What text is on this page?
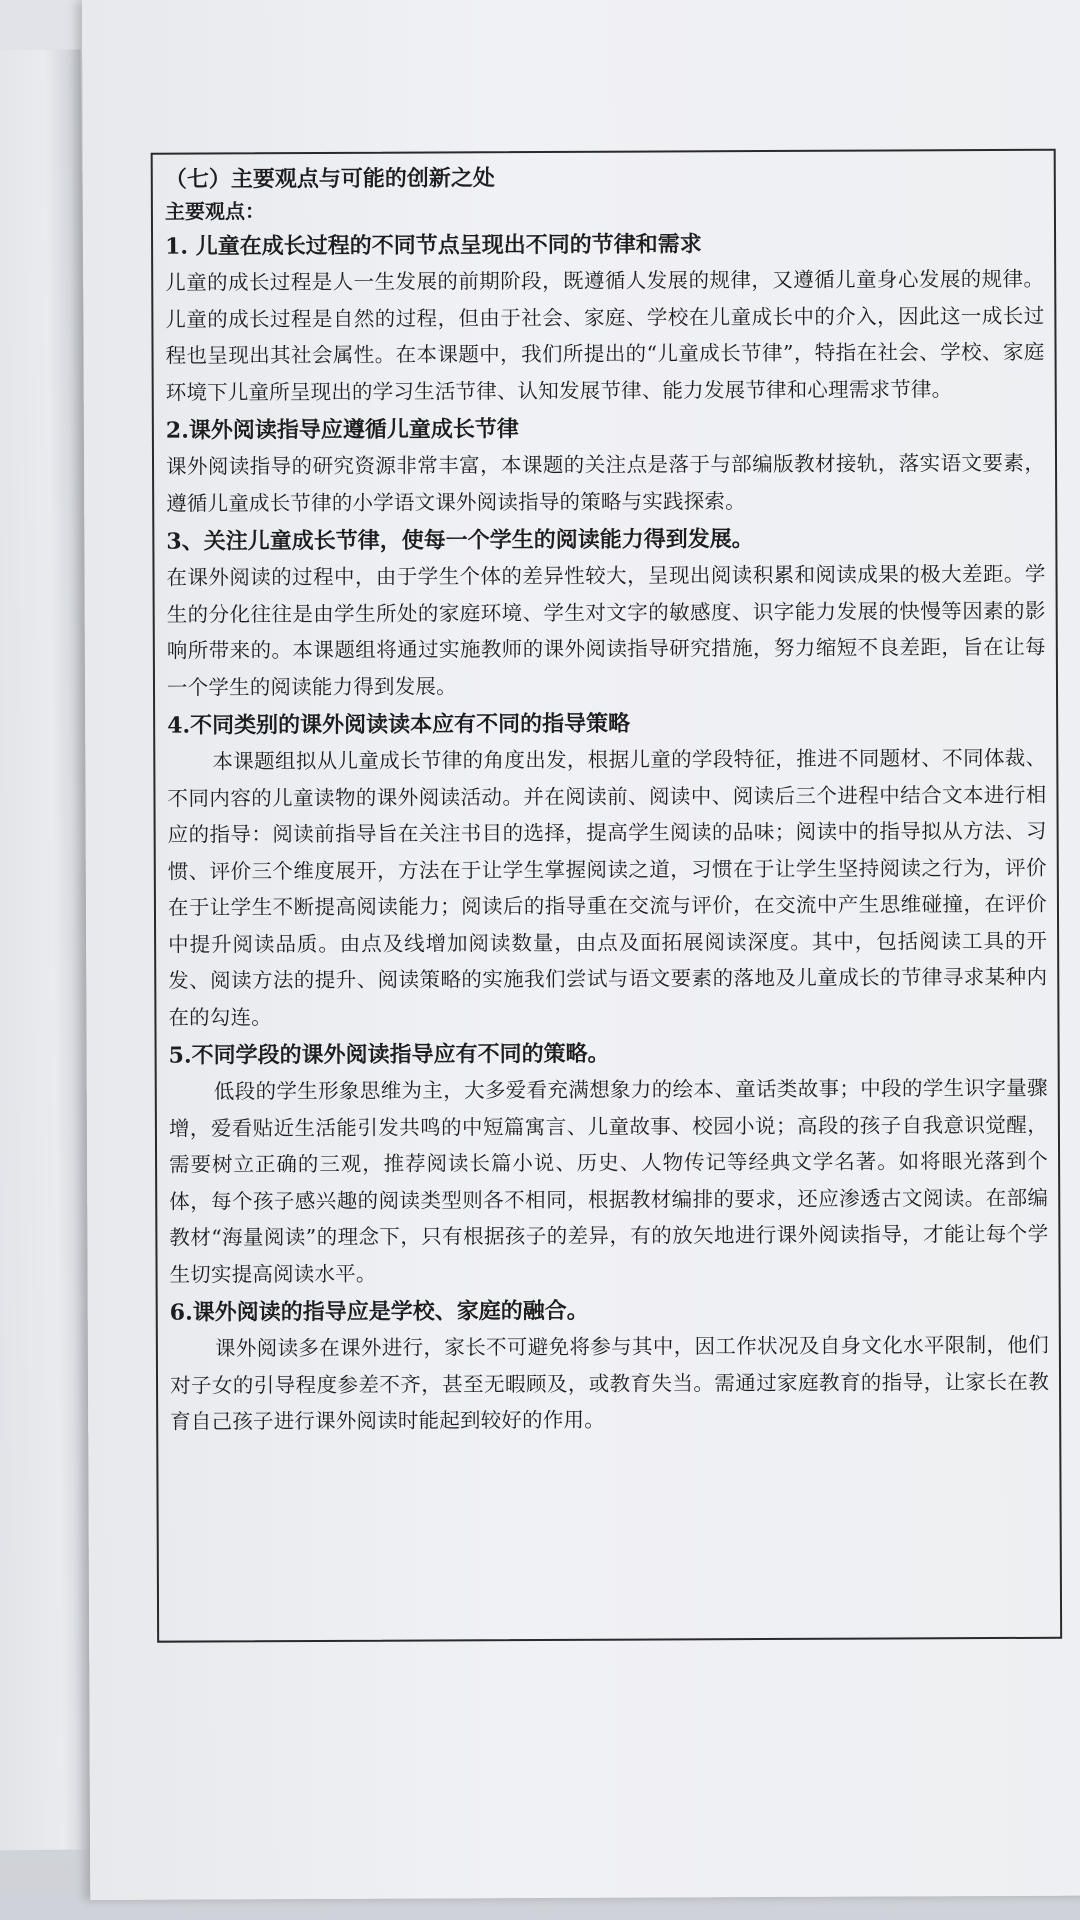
（七）主要观点与可能的创新之处

主要观点：

1. 儿童在成长过程的不同节点呈现出不同的节律和需求

儿童的成长过程是人一生发展的前期阶段，既遵循人发展的规律，又遵循儿童身心发展的规律。儿童的成长过程是自然的过程，但由于社会、家庭、学校在儿童成长中的介入，因此这一成长过程也呈现出其社会属性。在本课题中，我们所提出的“儿童成长节律”，特指在社会、学校、家庭环境下儿童所呈现出的学习生活节律、认知发展节律、能力发展节律和心理需求节律。

2.课外阅读指导应遵循儿童成长节律

课外阅读指导的研究资源非常丰富，本课题的关注点是落于与部编版教材接轨，落实语文要素，遵循儿童成长节律的小学语文课外阅读指导的策略与实践探索。

3、关注儿童成长节律，使每一个学生的阅读能力得到发展。

在课外阅读的过程中，由于学生个体的差异性较大，呈现出阅读积累和阅读成果的极大差距。学生的分化往往是由学生所处的家庭环境、学生对文字的敏感度、识字能力发展的快慢等因素的影响所带来的。本课题组将通过实施教师的课外阅读指导研究措施，努力缩短不良差距，旨在让每一个学生的阅读能力得到发展。

4.不同类别的课外阅读读本应有不同的指导策略

本课题组拟从儿童成长节律的角度出发，根据儿童的学段特征，推进不同题材、不同体裁、不同内容的儿童读物的课外阅读活动。并在阅读前、阅读中、阅读后三个进程中结合文本进行相应的指导：阅读前指导旨在关注书目的选择，提高学生阅读的品味；阅读中的指导拟从方法、习惯、评价三个维度展开，方法在于让学生掌握阅读之道，习惯在于让学生坚持阅读之行为，评价在于让学生不断提高阅读能力；阅读后的指导重在交流与评价，在交流中产生思维碰撞，在评价中提升阅读品质。由点及线增加阅读数量，由点及面拓展阅读深度。其中，包括阅读工具的开发、阅读方法的提升、阅读策略的实施我们尝试与语文要素的落地及儿童成长的节律寻求某种内在的勾连。

5.不同学段的课外阅读指导应有不同的策略。

低段的学生形象思维为主，大多爱看充满想象力的绘本、童话类故事；中段的学生识字量骤增，爱看贴近生活能引发共鸣的中短篇寓言、儿童故事、校园小说；高段的孩子自我意识觉醒，需要树立正确的三观，推荐阅读长篇小说、历史、人物传记等经典文学名著。如将眼光落到个体，每个孩子感兴趣的阅读类型则各不相同，根据教材编排的要求，还应渗透古文阅读。在部编教材“海量阅读”的理念下，只有根据孩子的差异，有的放矢地进行课外阅读指导，才能让每个学生切实提高阅读水平。

6.课外阅读的指导应是学校、家庭的融合。

课外阅读多在课外进行，家长不可避免将参与其中，因工作状况及自身文化水平限制，他们对子女的引导程度参差不齐，甚至无暇顾及，或教育失当。需通过家庭教育的指导，让家长在教育自己孩子进行课外阅读时能起到较好的作用。
